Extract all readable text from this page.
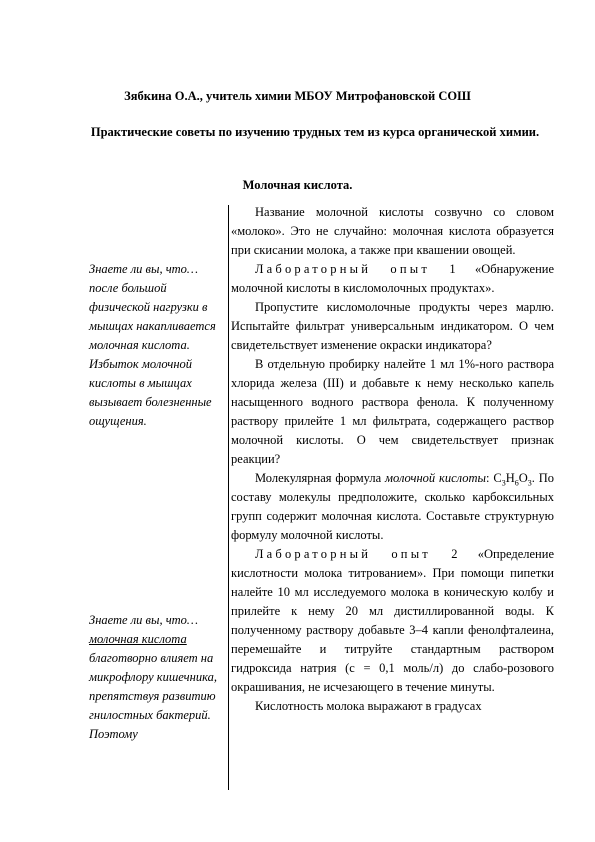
Зябкина О.А., учитель химии МБОУ Митрофановской СОШ

Практические советы по изучению трудных тем из курса органической химии.

Молочная кислота.

Знаете ли вы, что… после большой физической нагрузки в мышцах накапливается молочная кислота. Избыток молочной кислоты в мышцах вызывает болезненные ощущения.

Знаете ли вы, что… молочная кислота благотворно влияет на микрофлору кишечника, препятствуя развитию гнилостных бактерий. Поэтому

Название молочной кислоты созвучно со словом «молоко». Это не случайно: молочная кислота образуется при скисании молока, а также при квашении овощей.

Лабораторный опыт 1 «Обнаружение молочной кислоты в кисломолочных продуктах».

Пропустите кисломолочные продукты через марлю. Испытайте фильтрат универсальным индикатором. О чем свидетельствует изменение окраски индикатора?

В отдельную пробирку налейте 1 мл 1%-ного раствора хлорида железа (III) и добавьте к нему несколько капель насыщенного водного раствора фенола. К полученному раствору прилейте 1 мл фильтрата, содержащего раствор молочной кислоты. О чем свидетельствует признак реакции?

Молекулярная формула молочной кислоты: $C_3H_6O_3$. По составу молекулы предположите, сколько карбоксильных групп содержит молочная кислота. Составьте структурную формулу молочной кислоты.

Лабораторный опыт 2 «Определение кислотности молока титрованием». При помощи пипетки налейте 10 мл исследуемого молока в коническую колбу и прилейте к нему 20 мл дистиллированной воды. К полученному раствору добавьте 3–4 капли фенолфталеина, перемешайте и титруйте стандартным раствором гидроксида натрия (с = 0,1 моль/л) до слабо-розового окрашивания, не исчезающего в течение минуты.

Кислотность молока выражают в градусах
